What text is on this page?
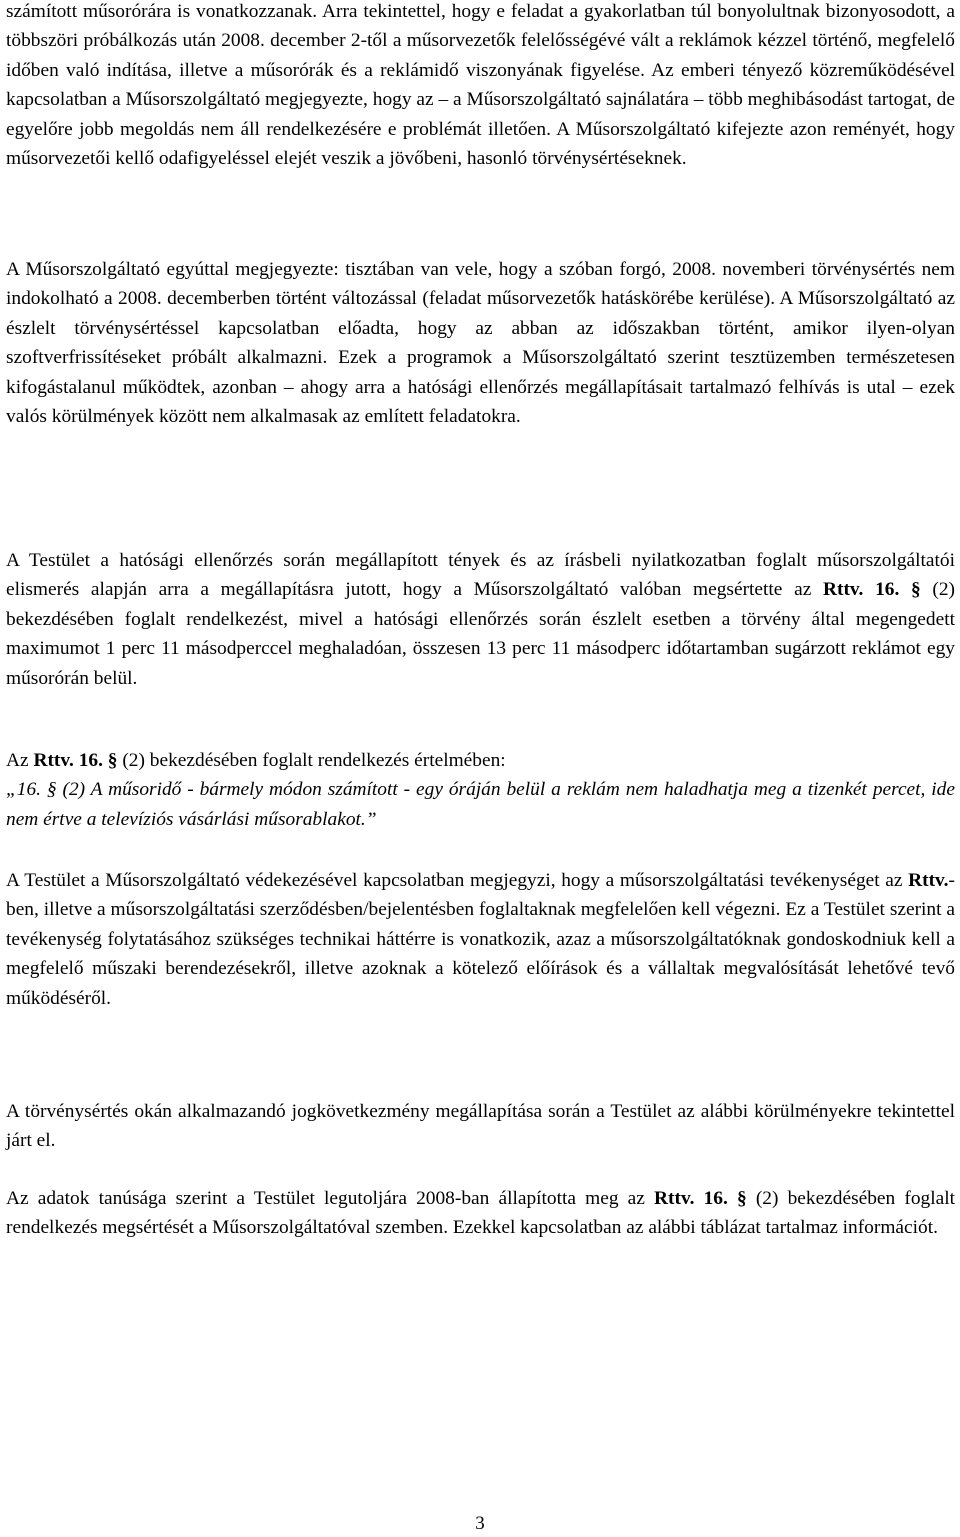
számított műsorórára is vonatkozzanak. Arra tekintettel, hogy e feladat a gyakorlatban túl bonyolultnak bizonyosodott, a többszöri próbálkozás után 2008. december 2-től a műsorvezetők felelősségévé vált a reklámok kézzel történő, megfelelő időben való indítása, illetve a műsorórák és a reklámidő viszonyának figyelése. Az emberi tényező közreműködésével kapcsolatban a Műsorszolgáltató megjegyezte, hogy az – a Műsorszolgáltató sajnálatára – több meghibásodást tartogat, de egyelőre jobb megoldás nem áll rendelkezésére e problémát illetően. A Műsorszolgáltató kifejezte azon reményét, hogy műsorvezetői kellő odafigyeléssel elejét veszik a jövőbeni, hasonló törvénysértéseknek.

A Műsorszolgáltató egyúttal megjegyezte: tisztában van vele, hogy a szóban forgó, 2008. novemberi törvénysértés nem indokolható a 2008. decemberben történt változással (feladat műsorvezetők hatáskörébe kerülése). A Műsorszolgáltató az észlelt törvénysértéssel kapcsolatban előadta, hogy az abban az időszakban történt, amikor ilyen-olyan szoftverfrissítéseket próbált alkalmazni. Ezek a programok a Műsorszolgáltató szerint tesztüzemben természetesen kifogástalanul működtek, azonban – ahogy arra a hatósági ellenőrzés megállapításait tartalmazó felhívás is utal – ezek valós körülmények között nem alkalmasak az említett feladatokra.

A Testület a hatósági ellenőrzés során megállapított tények és az írásbeli nyilatkozatban foglalt műsorszolgáltatói elismerés alapján arra a megállapításra jutott, hogy a Műsorszolgáltató valóban megsértette az Rttv. 16. § (2) bekezdésében foglalt rendelkezést, mivel a hatósági ellenőrzés során észlelt esetben a törvény által megengedett maximumot 1 perc 11 másodperccel meghaladóan, összesen 13 perc 11 másodperc időtartamban sugárzott reklámot egy műsorórán belül.

Az Rttv. 16. § (2) bekezdésében foglalt rendelkezés értelmében:
„16. § (2) A műsoridő - bármely módon számított - egy óráján belül a reklám nem haladhatja meg a tizenkét percet, ide nem értve a televíziós vásárlási műsorablakot.”

A Testület a Műsorszolgáltató védekezésével kapcsolatban megjegyzi, hogy a műsorszolgáltatási tevékenységet az Rttv.-ben, illetve a műsorszolgáltatási szerződésben/bejelentésben foglaltaknak megfelelően kell végezni. Ez a Testület szerint a tevékenység folytatásához szükséges technikai háttérre is vonatkozik, azaz a műsorszolgáltatóknak gondoskodniuk kell a megfelelő műszaki berendezésekről, illetve azoknak a kötelező előírások és a vállaltak megvalósítását lehetővé tevő működéséről.

A törvénysértés okán alkalmazandó jogkövetkezmény megállapítása során a Testület az alábbi körülményekre tekintettel járt el.

Az adatok tanúsága szerint a Testület legutoljára 2008-ban állapította meg az Rttv. 16. § (2) bekezdésében foglalt rendelkezés megsértését a Műsorszolgáltatóval szemben. Ezekkel kapcsolatban az alábbi táblázat tartalmaz információt.

3
